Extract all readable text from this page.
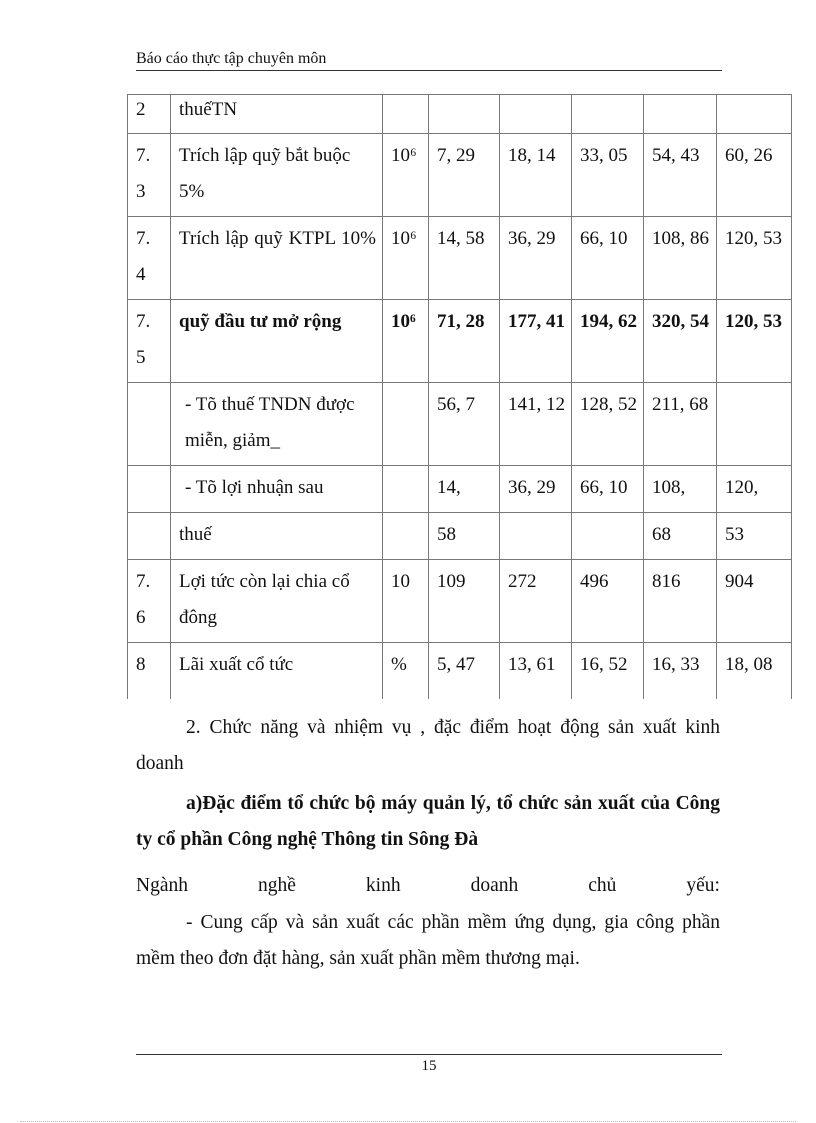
Báo cáo thực tập chuyên môn
2	thuếTN						
7. 3	Trích lập quỹ bắt buộc 5%	10⁶	7, 29	18, 14	33, 05	54, 43	60, 26
7. 4	Trích lập quỹ KTPL 10%	10⁶	14, 58	36, 29	66, 10	108, 86	120, 53
7. 5	quỹ đầu tư mở rộng	10⁶	71, 28	177, 41	194, 62	320, 54	120, 53
	- Tõ thuế TNDN được miễn, giảm_		56, 7	141, 12	128, 52	211, 68	
	- Tõ lợi nhuận sau		14,	36, 29	66, 10	108,	120,
	thuế		58			68	53
7. 6	Lợi tức còn lại chia cổ đông	10	109	272	496	816	904
8	Lãi xuất cổ tức	%	5, 47	13, 61	16, 52	16, 33	18, 08
2. Chức năng và nhiệm vụ , đặc điểm hoạt động sản xuất kinh doanh
a)Đặc điểm tổ chức bộ máy quản lý, tổ chức sản xuất của Công ty cổ phần Công nghệ Thông tin Sông Đà
Ngành	nghề	kinh	doanh	chủ	yếu:
- Cung cấp và sản xuất các phần mềm ứng dụng, gia công phần mềm theo đơn đặt hàng, sản xuất phần mềm thương mại.
15
